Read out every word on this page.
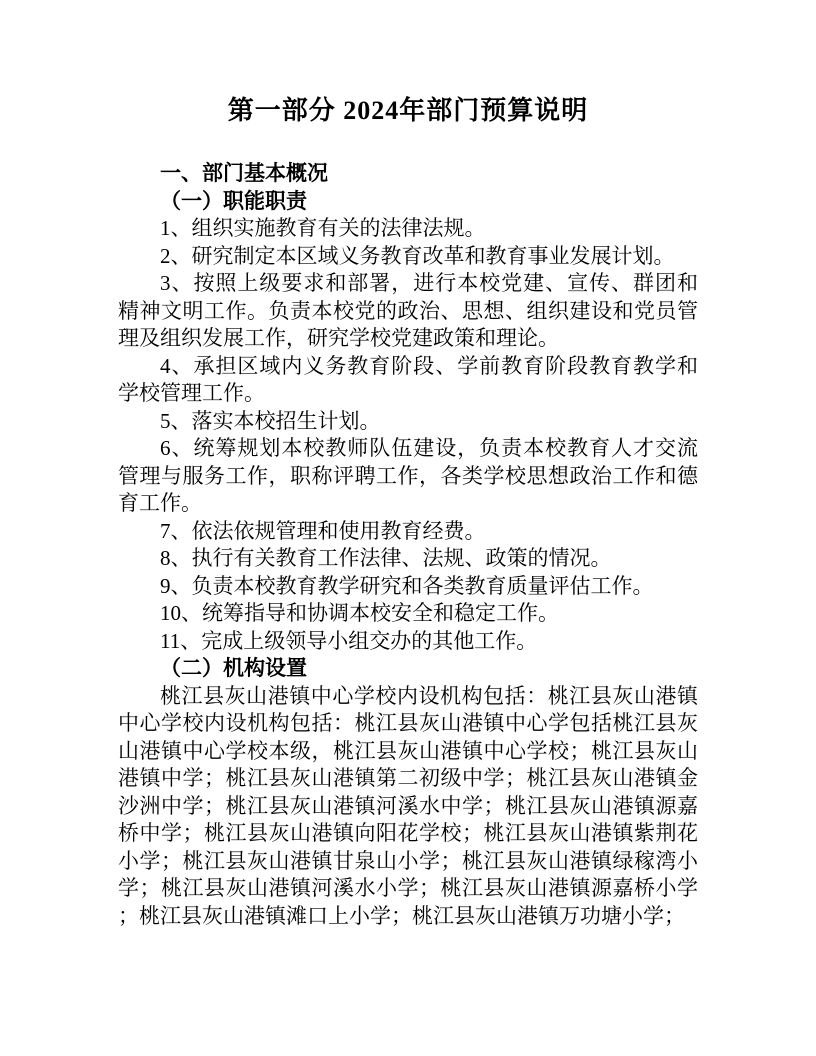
第一部分 2024年部门预算说明
一、部门基本概况
（一）职能职责
1、组织实施教育有关的法律法规。
2、研究制定本区域义务教育改革和教育事业发展计划。
3、按照上级要求和部署，进行本校党建、宣传、群团和
精神文明工作。负责本校党的政治、思想、组织建设和党员管
理及组织发展工作，研究学校党建政策和理论。
4、承担区域内义务教育阶段、学前教育阶段教育教学和
学校管理工作。
5、落实本校招生计划。
6、统筹规划本校教师队伍建设，负责本校教育人才交流
管理与服务工作，职称评聘工作，各类学校思想政治工作和德
育工作。
7、依法依规管理和使用教育经费。
8、执行有关教育工作法律、法规、政策的情况。
9、负责本校教育教学研究和各类教育质量评估工作。
10、统筹指导和协调本校安全和稳定工作。
11、完成上级领导小组交办的其他工作。
（二）机构设置
桃江县灰山港镇中心学校内设机构包括：桃江县灰山港镇
中心学校内设机构包括：桃江县灰山港镇中心学包括桃江县灰
山港镇中心学校本级，桃江县灰山港镇中心学校；桃江县灰山
港镇中学；桃江县灰山港镇第二初级中学；桃江县灰山港镇金
沙洲中学；桃江县灰山港镇河溪水中学；桃江县灰山港镇源嘉
桥中学；桃江县灰山港镇向阳花学校；桃江县灰山港镇紫荆花
小学；桃江县灰山港镇甘泉山小学；桃江县灰山港镇绿稼湾小
学；桃江县灰山港镇河溪水小学；桃江县灰山港镇源嘉桥小学
；桃江县灰山港镇滩口上小学；桃江县灰山港镇万功塘小学；
